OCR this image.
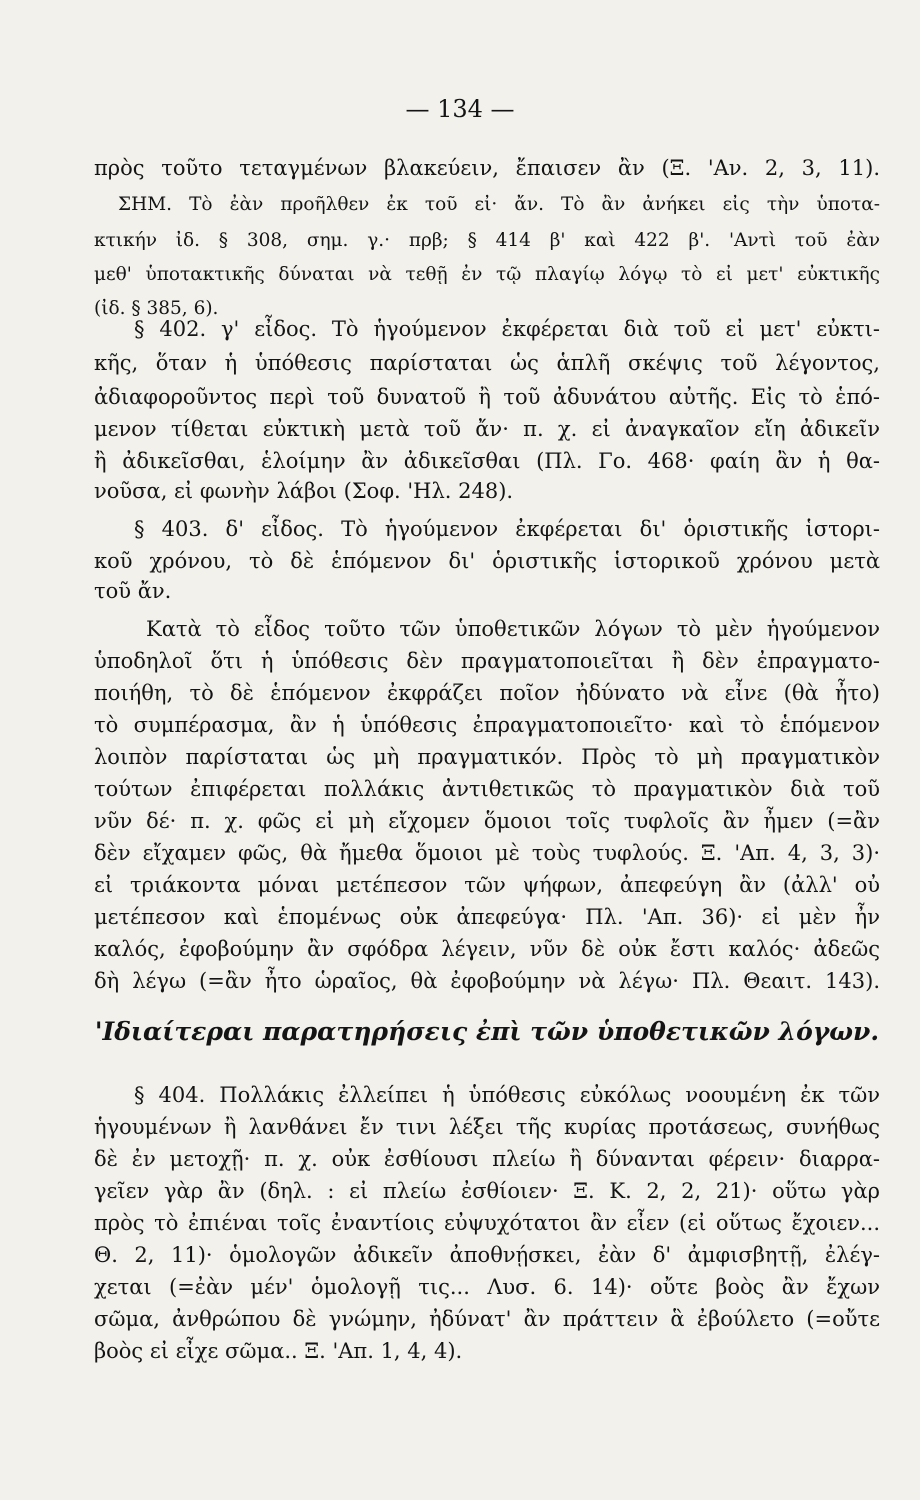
— 134 —
πρὸς τοῦτο τεταγμένων βλακεύειν, ἔπαισεν ἂν (Ξ. 'Αν. 2, 3, 11).
ΣΗΜ. Τὸ ἐὰν προῆλθεν ἐκ τοῦ εἰ· ἄν. Τὸ ἂν ἀνήκει εἰς τὴν ὑποτα-
κτικήν ἰδ. § 308, σημ. γ.· πρβ; § 414 β' καὶ 422 β'. 'Αντὶ τοῦ ἐὰν
μεθ' ὑποτακτικῆς δύναται νὰ τεθῇ ἐν τῷ πλαγίῳ λόγῳ τὸ εἰ μετ' εὐκτικῆς
(ἰδ. § 385, 6).
§ 402. γ' εἶδος. Τὸ ἡγούμενον ἐκφέρεται διὰ τοῦ εἰ μετ' εὐκτι-
κῆς, ὅταν ἡ ὑπόθεσις παρίσταται ὡς ἁπλῆ σκέψις τοῦ λέγοντος,
ἀδιαφοροῦντος περὶ τοῦ δυνατοῦ ἢ τοῦ ἀδυνάτου αὐτῆς. Εἰς τὸ ἑπό-
μενον τίθεται εὐκτικὴ μετὰ τοῦ ἄν· π. χ. εἰ ἀναγκαῖον εἴη ἀδικεῖν
ἢ ἀδικεῖσθαι, ἑλοίμην ἂν ἀδικεῖσθαι (Πλ. Γο. 468· φαίη ἂν ἡ θα-
νοῦσα, εἰ φωνὴν λάβοι (Σοφ. 'Ηλ. 248).
§ 403. δ' εἶδος. Τὸ ἡγούμενον ἐκφέρεται δι' ὁριστικῆς ἱστορι-
κοῦ χρόνου, τὸ δὲ ἑπόμενον δι' ὁριστικῆς ἱστορικοῦ χρόνου μετὰ
τοῦ ἄν.
Κατὰ τὸ εἶδος τοῦτο τῶν ὑποθετικῶν λόγων τὸ μὲν ἡγούμενον
ὑποδηλοῖ ὅτι ἡ ὑπόθεσις δὲν πραγματοποιεῖται ἢ δὲν ἐπραγματο-
ποιήθη, τὸ δὲ ἑπόμενον ἐκφράζει ποῖον ἠδύνατο νὰ εἶνε (θὰ ἦτο)
τὸ συμπέρασμα, ἂν ἡ ὑπόθεσις ἐπραγματοποιεῖτο· καὶ τὸ ἑπόμενον
λοιπὸν παρίσταται ὡς μὴ πραγματικόν. Πρὸς τὸ μὴ πραγματικὸν
τούτων ἐπιφέρεται πολλάκις ἀντιθετικῶς τὸ πραγματικὸν διὰ τοῦ
νῦν δέ· π. χ. φῶς εἰ μὴ εἴχομεν ὅμοιοι τοῖς τυφλοῖς ἂν ἦμεν (=ἂν
δὲν εἴχαμεν φῶς, θὰ ἤμεθα ὅμοιοι μὲ τοὺς τυφλούς. Ξ. 'Απ. 4, 3, 3)·
εἰ τριάκοντα μόναι μετέπεσον τῶν ψήφων, ἀπεφεύγη ἂν (ἀλλ' οὐ
μετέπεσον καὶ ἑπομένως οὐκ ἀπεφεύγα· Πλ. 'Απ. 36)· εἰ μὲν ἦν
καλός, ἐφοβούμην ἂν σφόδρα λέγειν, νῦν δὲ οὐκ ἔστι καλός· ἀδεῶς
δὴ λέγω (=ἂν ἦτο ὡραῖος, θὰ ἐφοβούμην νὰ λέγω· Πλ. Θεαιτ. 143).
'Ιδιαίτεραι παρατηρήσεις ἐπὶ τῶν ὑποθετικῶν λόγων.
§ 404. Πολλάκις ἐλλείπει ἡ ὑπόθεσις εὐκόλως νοουμένη ἐκ τῶν
ἡγουμένων ἢ λανθάνει ἔν τινι λέξει τῆς κυρίας προτάσεως, συνήθως
δὲ ἐν μετοχῇ· π. χ. οὐκ ἐσθίουσι πλείω ἢ δύνανται φέρειν· διαρρα-
γεῖεν γὰρ ἂν (δηλ. : εἰ πλείω ἐσθίοιεν· Ξ. Κ. 2, 2, 21)· οὕτω γὰρ
πρὸς τὸ ἐπιέναι τοῖς ἐναντίοις εὐψυχότατοι ἂν εἶεν (εἰ οὕτως ἔχοιεν...
Θ. 2, 11)· ὁμολογῶν ἀδικεῖν ἀποθνῄσκει, ἐὰν δ' ἀμφισβητῇ, ἐλέγ-
χεται (=ἐὰν μέν' ὁμολογῇ τις... Λυσ. 6. 14)· οὔτε βοὸς ἂν ἔχων
σῶμα, ἀνθρώπου δὲ γνώμην, ἠδύνατ' ἂν πράττειν ἃ ἐβούλετο (=οὔτε
βοὸς εἰ εἶχε σῶμα.. Ξ. 'Απ. 1, 4, 4).
